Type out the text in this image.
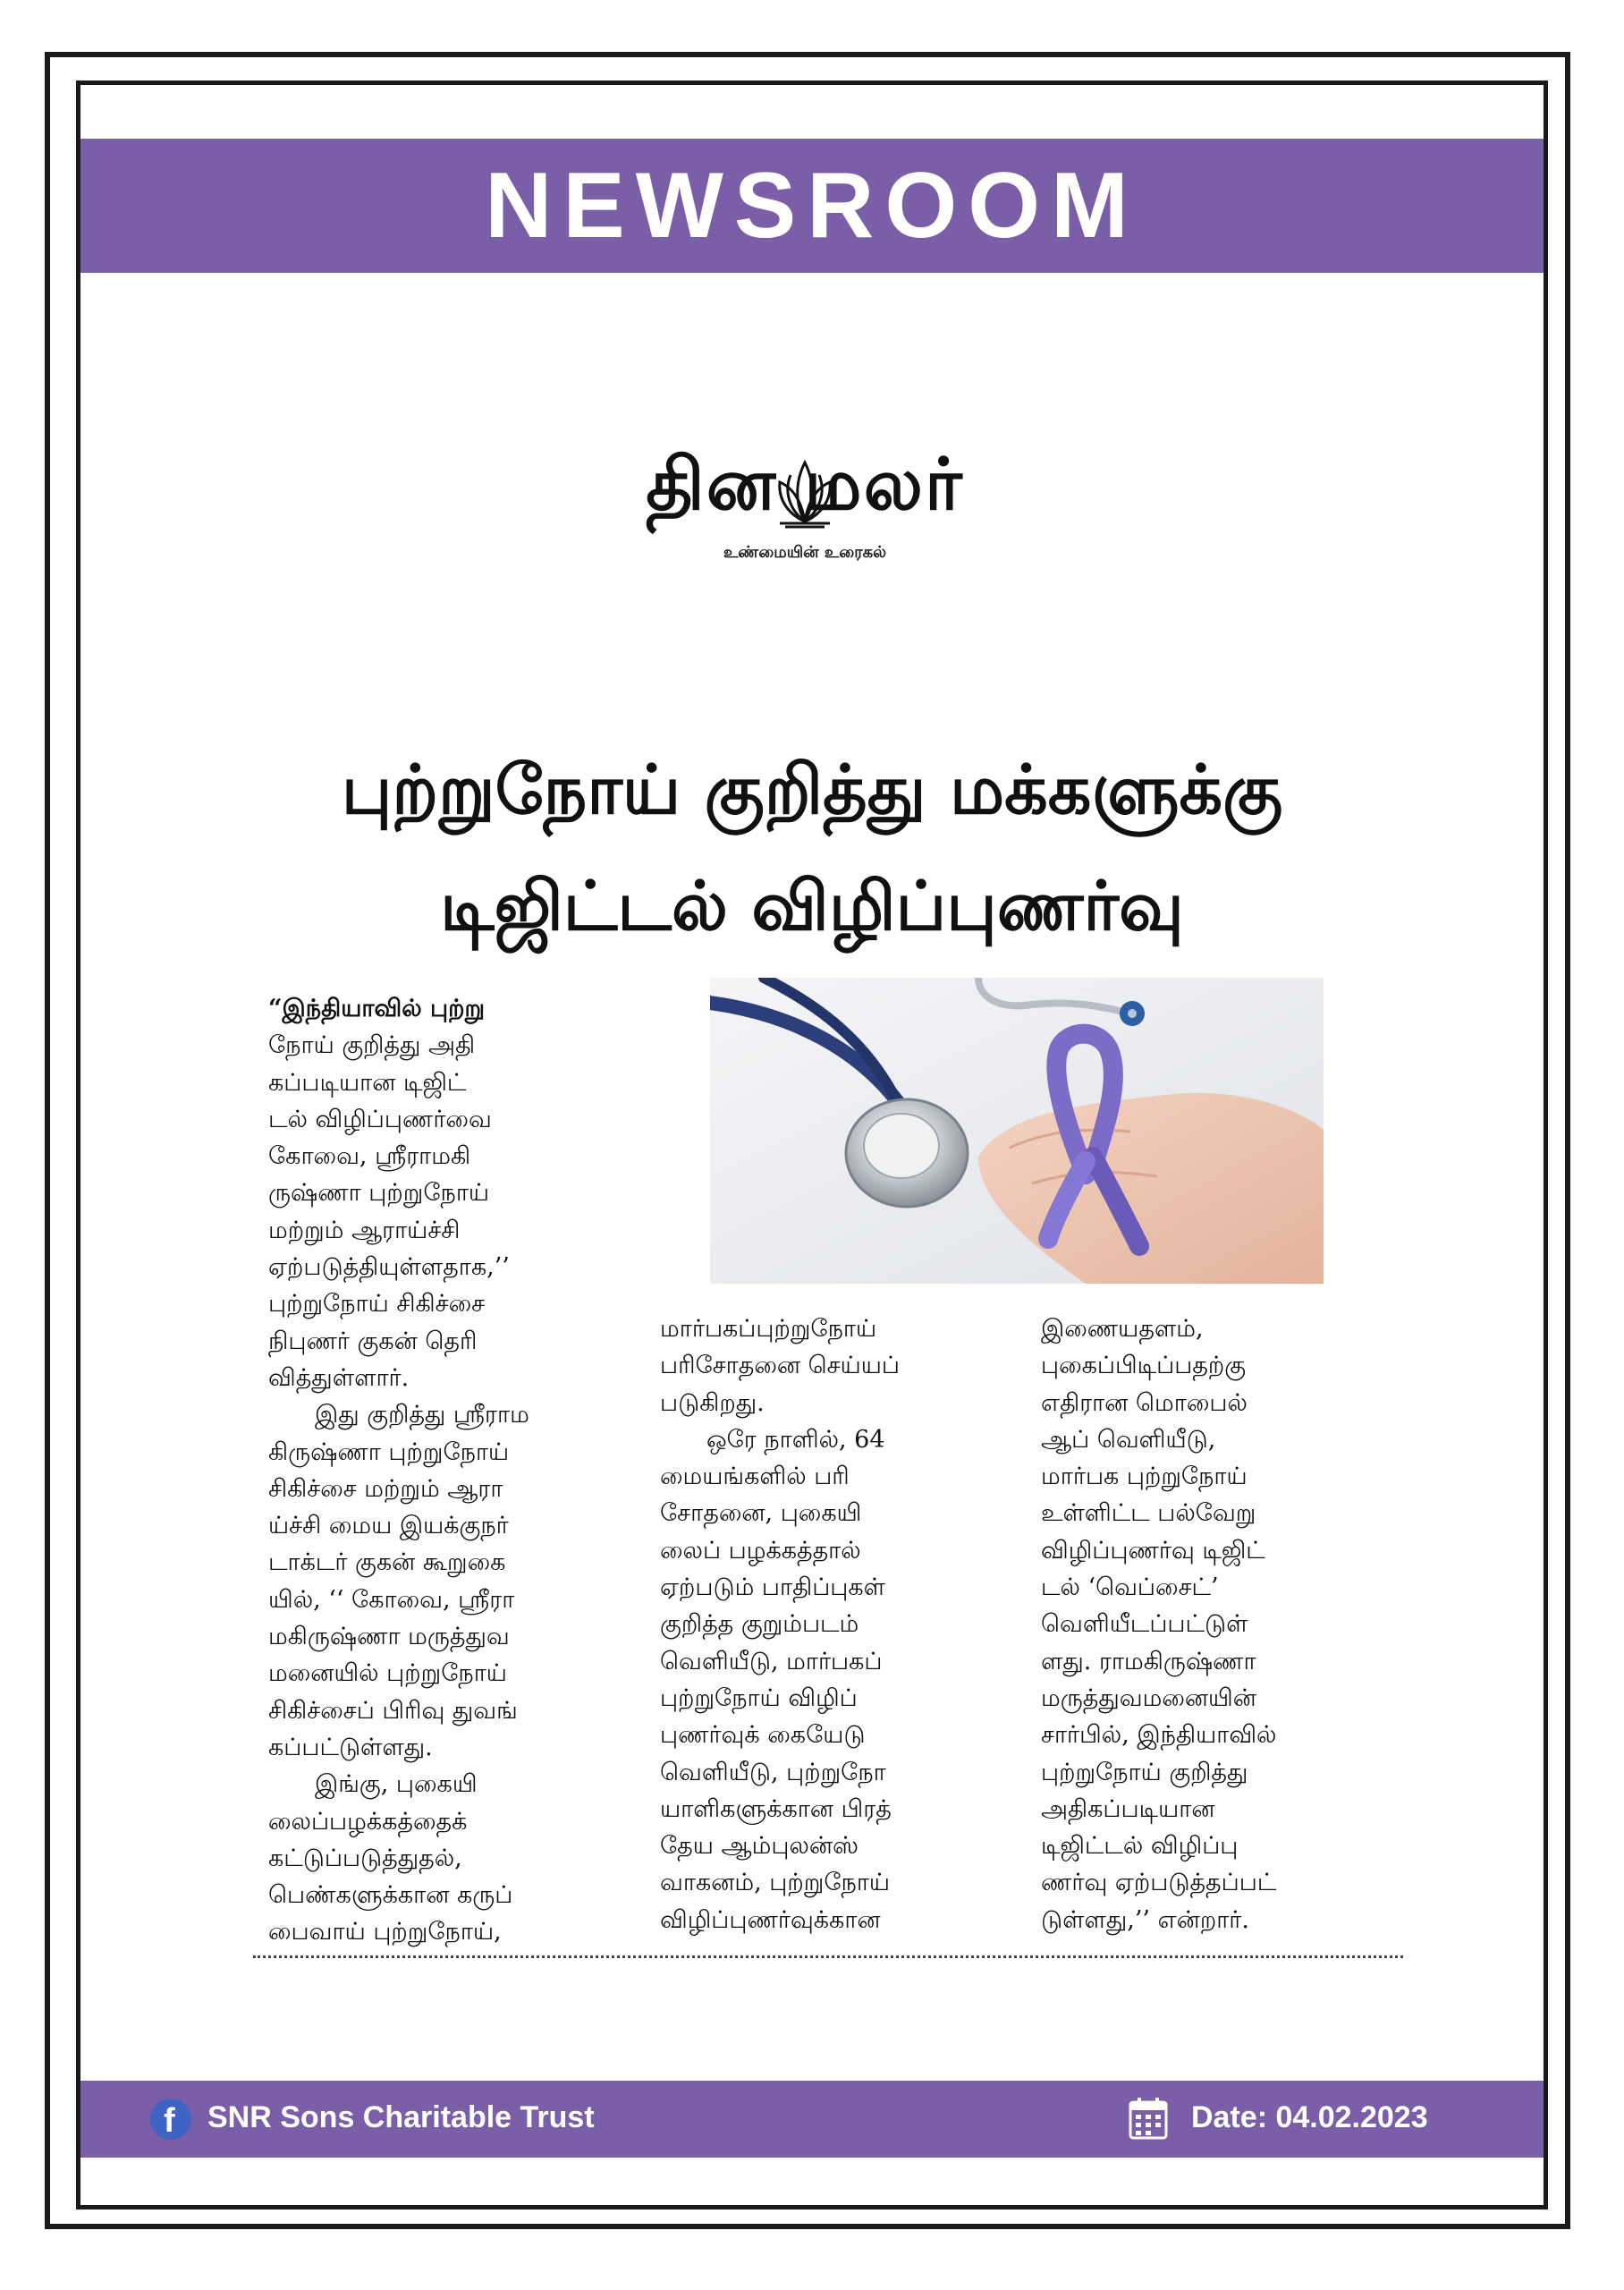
NEWSROOM
தின மலர்
உண்மையின் உரைகல்
புற்றுநோய் குறித்து மக்களுக்கு
டிஜிட்டல் விழிப்புணர்வு

“இந்தியாவில் புற்று

நோய் குறித்து அதி

கப்படியான டிஜிட்

டல் விழிப்புணர்வை

கோவை, ஸ்ரீராமகி

ருஷ்ணா புற்றுநோய்

மற்றும் ஆராய்ச்சி

ஏற்படுத்தியுள்ளதாக,’’

புற்றுநோய் சிகிச்சை

நிபுணர் குகன் தெரி

வித்துள்ளார்.

இது குறித்து ஸ்ரீராம

கிருஷ்ணா புற்றுநோய்

சிகிச்சை மற்றும் ஆரா

ய்ச்சி மைய இயக்குநர்

டாக்டர் குகன் கூறுகை

யில், ‘‘ கோவை, ஸ்ரீரா

மகிருஷ்ணா மருத்துவ

மனையில் புற்றுநோய்

சிகிச்சைப் பிரிவு துவங்

கப்பட்டுள்ளது.

இங்கு, புகையி

லைப்பழக்கத்தைக்

கட்டுப்படுத்துதல்,

பெண்களுக்கான கருப்

பைவாய் புற்றுநோய்,

மார்பகப்புற்றுநோய்

பரிசோதனை செய்யப்

படுகிறது.

ஒரே நாளில், 64

மையங்களில் பரி

சோதனை, புகையி

லைப் பழக்கத்தால்

ஏற்படும் பாதிப்புகள்

குறித்த குறும்படம்

வெளியீடு, மார்பகப்

புற்றுநோய் விழிப்

புணர்வுக் கையேடு

வெளியீடு, புற்றுநோ

யாளிகளுக்கான பிரத்

தேய ஆம்புலன்ஸ்

வாகனம், புற்றுநோய்

விழிப்புணர்வுக்கான

இணையதளம்,

புகைப்பிடிப்பதற்கு

எதிரான மொபைல்

ஆப் வெளியீடு,

மார்பக புற்றுநோய்

உள்ளிட்ட பல்வேறு

விழிப்புணர்வு டிஜிட்

டல் ‘வெப்சைட்’

வெளியீடப்பட்டுள்

ளது. ராமகிருஷ்ணா

மருத்துவமனையின்

சார்பில், இந்தியாவில்

புற்றுநோய் குறித்து

அதிகப்படியான

டிஜிட்டல் விழிப்பு

ணர்வு ஏற்படுத்தப்பட்

டுள்ளது,’’ என்றார்.

f SNR Sons Charitable Trust	Date: 04.02.2023
